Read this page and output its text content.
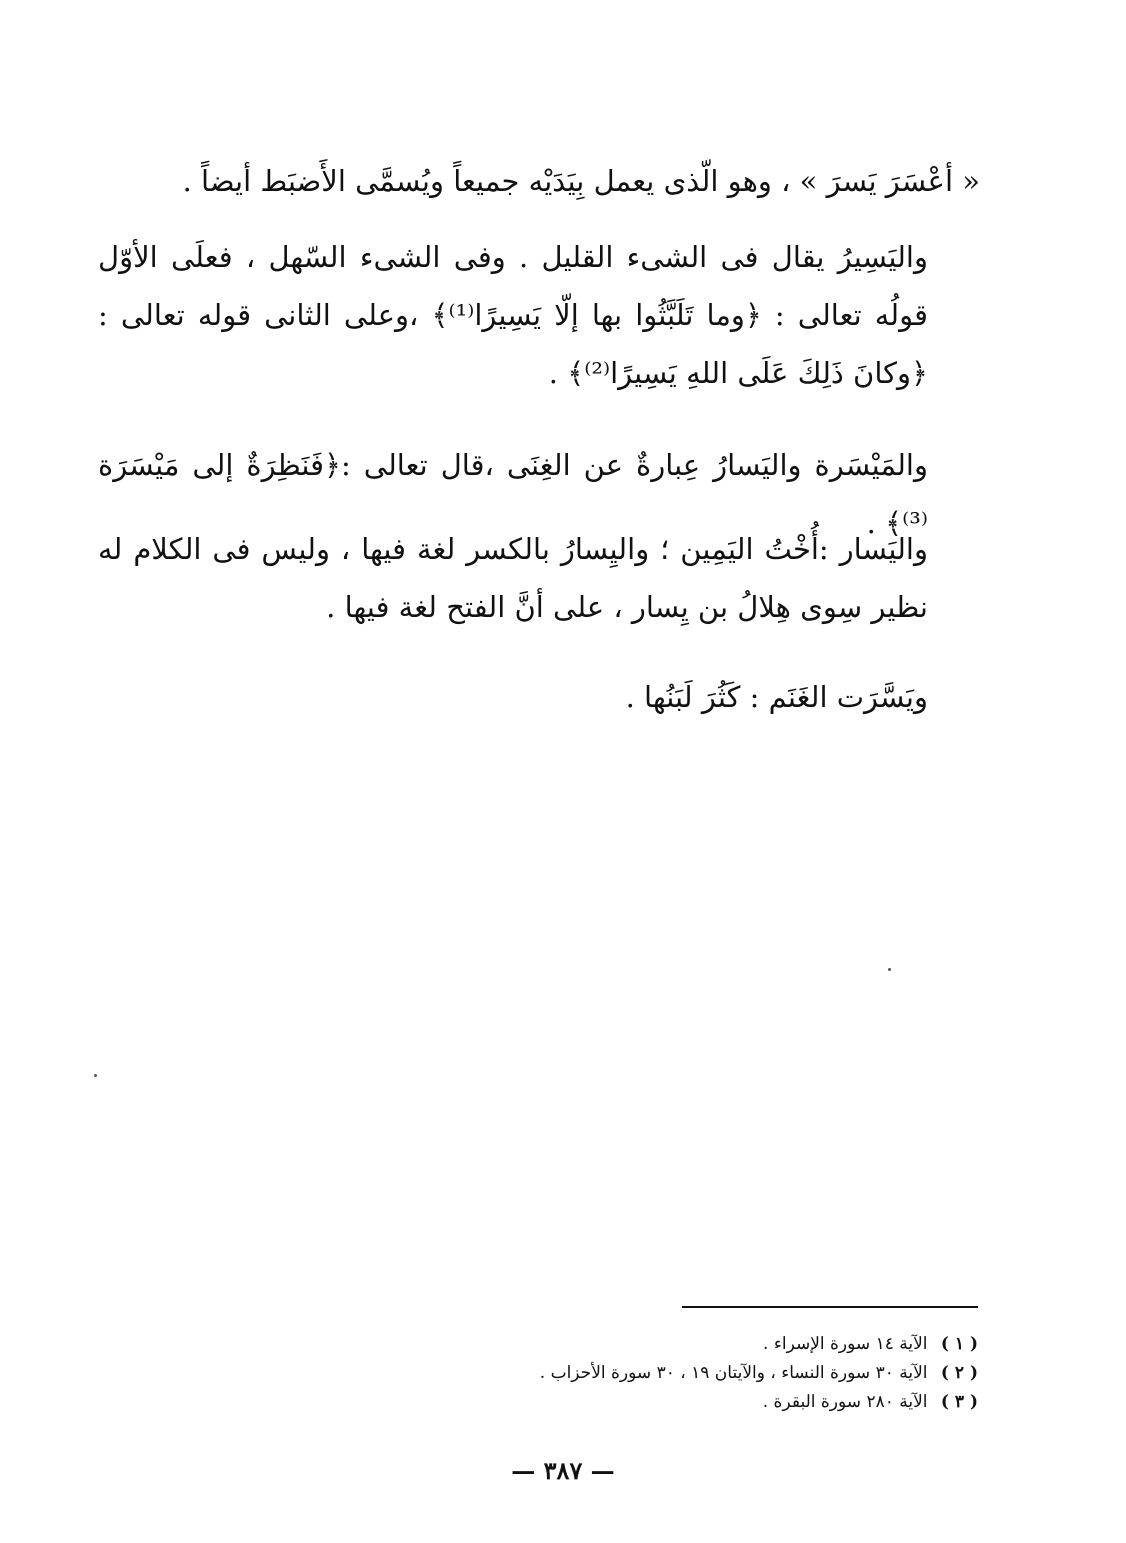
« أعْسَرَ يَسرَ » ، وهو الّذى يعمل بِيَدَيْه جميعاً ويُسمَّى الأَضبَط أيضاً .

واليَسِيرُ يقال فى الشىء القليل . وفى الشىء السّهل ، فعلَى الأوّل قولُه تعالى : ﴿وما تَلَبَّثُوا بها إلّا يَسِيرًا⁽¹⁾﴾ ،وعلى الثانى قوله تعالى :﴿وكانَ ذَلِكَ عَلَى اللهِ يَسِيرًا⁽²⁾﴾ .

والمَيْسَرة واليَسارُ عِبارةٌ عن الغِنَى ،قال تعالى :﴿فَنَظِرَةٌ إلى مَيْسَرَة ⁽³⁾﴾ .

واليَسار :أُخْتُ اليَمِين ؛ واليِسارُ بالكسر لغة فيها ، وليس فى الكلام له نظير سِوى هِلالُ بن يِسار ، على أنَّ الفتح لغة فيها .

ويَسَّرَت الغَنَم : كَثُرَ لَبَنُها .

( ١ ) الآية ١٤ سورة الإسراء .

( ٢ ) الآية ٣٠ سورة النساء ، والآيتان ١٩ ، ٣٠ سورة الأحزاب .

( ٣ ) الآية ٢٨٠ سورة البقرة .

— ٣٨٧ —
